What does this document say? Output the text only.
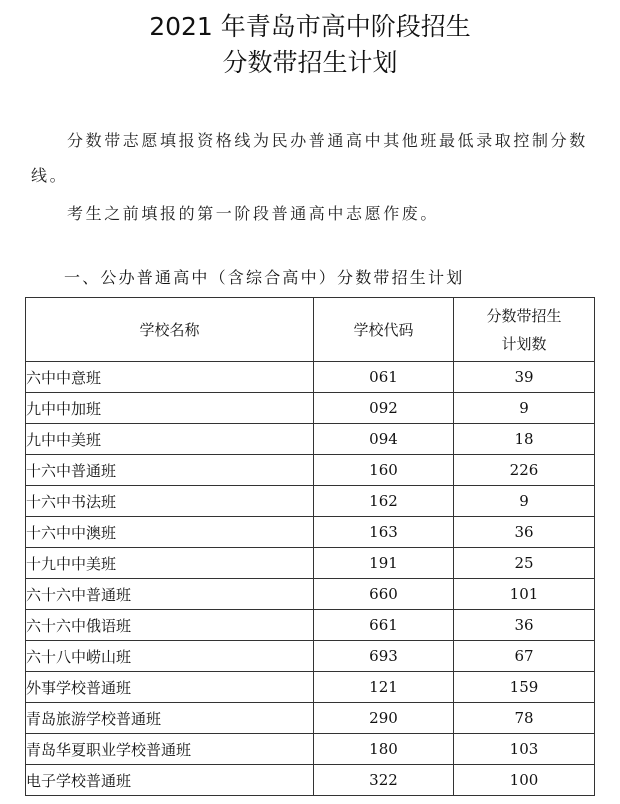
2021 年青岛市高中阶段招生
分数带招生计划
分数带志愿填报资格线为民办普通高中其他班最低录取控制分数线。
考生之前填报的第一阶段普通高中志愿作废。
一、公办普通高中（含综合高中）分数带招生计划
学校名称	学校代码	分数带招生
计划数

六中中意班	061	39
九中中加班	092	9
九中中美班	094	18
十六中普通班	160	226
十六中书法班	162	9
十六中中澳班	163	36
十九中中美班	191	25
六十六中普通班	660	101
六十六中俄语班	661	36
六十八中崂山班	693	67
外事学校普通班	121	159
青岛旅游学校普通班	290	78
青岛华夏职业学校普通班	180	103
电子学校普通班	322	100
